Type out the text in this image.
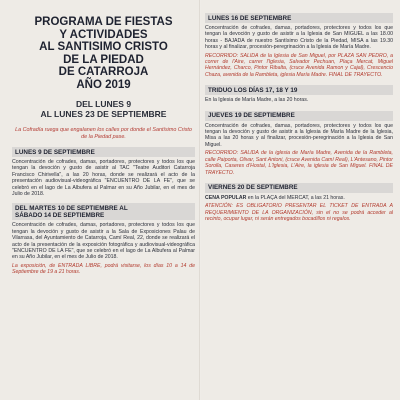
PROGRAMA DE FIESTAS
Y ACTIVIDADES
AL SANTISIMO CRISTO
DE LA PIEDAD
DE CATARROJA
AÑO 2019
DEL LUNES 9
AL LUNES 23 DE SEPTIEMBRE
La Cofradía ruega que engalanen los calles por donde el Santísimo Cristo de la Piedad pase.
LUNES 9 DE SEPTIEMBRE

Concentración de cofrades, damas, portadores, protectores y todos los que tengan la devoción y gusto de asistir al TAC "Teatre Auditori Catarroja Francisco Chirivella", a las 20 horas, donde se realizará el acto de la presentación audiovisual-videográfica "ENCUENTRO DE LA FE", que se celebró en el lago de La Albufera al Palmar en su Año Jubilar, en el mes de Julio de 2018.

DEL MARTES 10 DE SEPTIEMBRE AL
SÁBADO 14 DE SEPTIEMBRE

Concentración de cofrades, damas, portadores, protectores y todos los que tengan la devoción y gusto de asistir a la Sala de Exposiciones Palau de Vilarrasa, del Ayuntamiento de Catarroja, Camí Real, 22, donde se realizará el acto de la presentación de la exposición fotográfica y audiovisual-videográfica "ENCUENTRO DE LA FE", que se celebró en el lago de La Albufera al Palmar en su Año Jubilar, en el mes de Julio de 2018.

La exposición, de ENTRADA LIBRE, podrá visitarse, los días 10 a 14 de Septiembre de 19 a 21 horas.

LUNES 16 DE SEPTIEMBRE

Concentración de cofrades, damas, portadores, protectores y todos los que tengan la devoción y gusto de asistir a la Iglesia de San MIGUEL a las 18.00 horas - BAJADA de nuestro Santísimo Cristo de la Piedad, MISA a las 19.30 horas y al finalizar, procesión-peregrinación a la Iglesia de María Madre.

RECORRIDO: SALIDA de la Iglesia de San Miguel, por PLAZA SAN PEDRO, a correr de l'Aire, carrer l'Iglesia, Salvador Pechuan, Plaça Mercat, Miguel Hernández, Charco, Pintor Ribalta, (cruce Avenida Ramon y Cajal), Crescencio Chaza, avenida de la Rambleta, iglesia María Madre. FINAL DE TRAYECTO.

TRIDUO LOS DÍAS 17, 18 Y 19

En la Iglesia de María Madre, a las 20 horas.

JUEVES 19 DE SEPTIEMBRE

Concentración de cofrades, damas, portadores, protectores y todos los que tengan la devoción y gusto de asistir a la Iglesia de María Madre de la Iglesia, Misa a las 20 horas y al finalizar, procesión-peregrinación a la Iglesia de San Miguel.

RECORRIDO: SALIDA de la iglesia de María Madre, Avenida de la Rambleta, calle Paiporta, Olivar, Sant Antoni, (cruce Avenida Camí Real), L'Antesano, Pintor Sorolla, Caseres d'Hostal, L'Iglesia, L'Aire, la iglesia de San Miguel. FINAL DE TRAYECTO.

VIERNES 20 DE SEPTIEMBRE

CENA POPULAR en la PLAÇA del MERCAT, a las 21 horas.

ATENCIÓN: ES OBLIGATORIO PRESENTAR EL TICKET DE ENTRADA A REQUERIMIENTO DE LA ORGANIZACIÓN, sin el no se podrá acceder al recinto, ocupar lugar, ni serán entregados bocadillos ni regalos.
